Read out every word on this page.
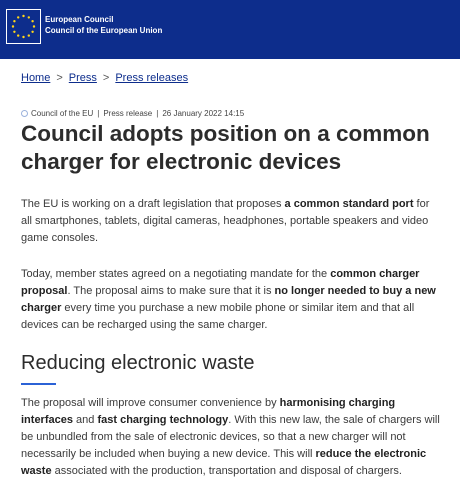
European Council
Council of the European Union
Home > Press > Press releases
Council of the EU | Press release | 26 January 2022 14:15
Council adopts position on a common charger for electronic devices

The EU is working on a draft legislation that proposes a common standard port for all smartphones, tablets, digital cameras, headphones, portable speakers and video game consoles.

Today, member states agreed on a negotiating mandate for the common charger proposal. The proposal aims to make sure that it is no longer needed to buy a new charger every time you purchase a new mobile phone or similar item and that all devices can be recharged using the same charger.

Reducing electronic waste

The proposal will improve consumer convenience by harmonising charging interfaces and fast charging technology. With this new law, the sale of chargers will be unbundled from the sale of electronic devices, so that a new charger will not necessarily be included when buying a new device. This will reduce the electronic waste associated with the production, transportation and disposal of chargers.
